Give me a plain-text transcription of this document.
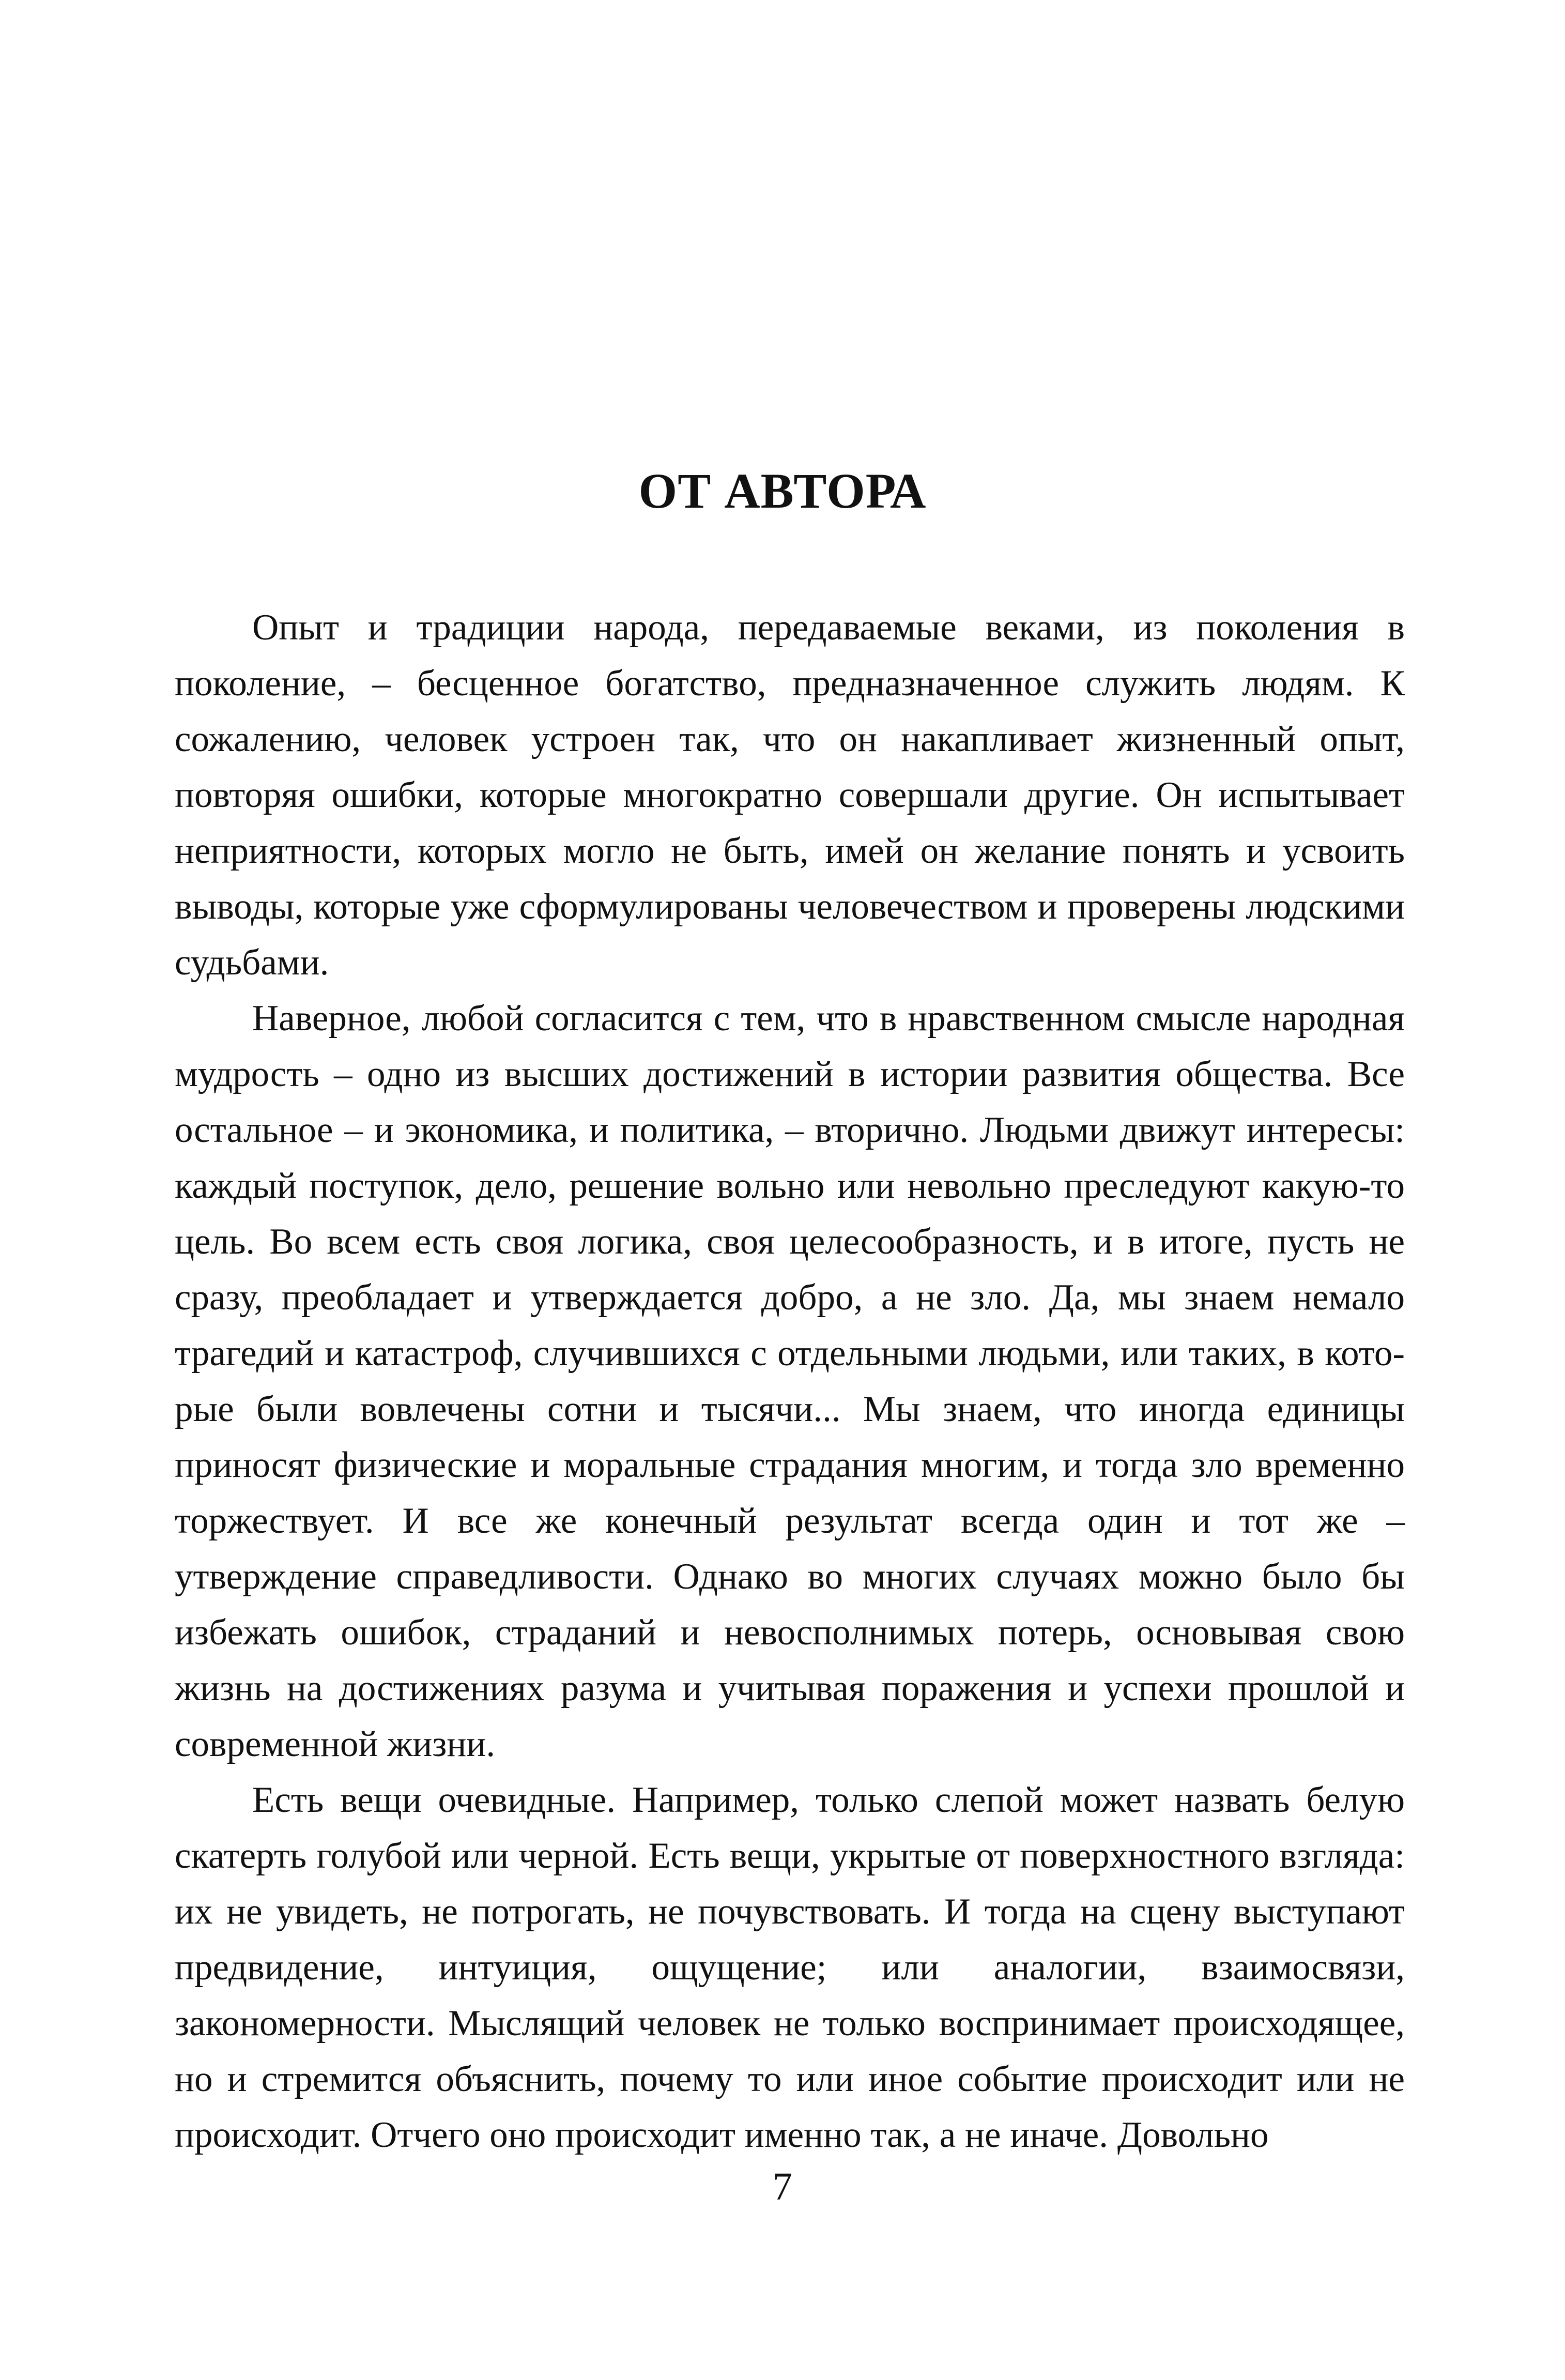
ОТ АВТОРА

Опыт и традиции народа, передаваемые веками, из поколения в поколение, – бесценное богатство, предназначенное служить людям. К сожалению, человек устроен так, что он накапливает жизненный опыт, повторяя ошибки, которые многократно совершали другие. Он испытывает неприятности, которых могло не быть, имей он желание понять и усвоить выводы, которые уже сформулированы человечеством и проверены людскими судьбами.

Наверное, любой согласится с тем, что в нравственном смысле народная мудрость – одно из высших достижений в истории развития общества. Все остальное – и экономика, и политика, – вторично. Людьми движут интересы: каждый поступок, дело, решение вольно или невольно преследуют какую-то цель. Во всем есть своя логика, своя целесообразность, и в итоге, пусть не сразу, преобладает и утверждается добро, а не зло. Да, мы знаем немало трагедий и катастроф, случившихся с отдельными людьми, или таких, в которые были вовлечены сотни и тысячи... Мы знаем, что иногда единицы приносят физические и моральные страдания многим, и тогда зло временно торжествует. И все же конечный результат всегда один и тот же – утверждение справедливости. Однако во многих случаях можно было бы избежать ошибок, страданий и невосполнимых потерь, основывая свою жизнь на достижениях разума и учитывая поражения и успехи прошлой и современной жизни.

Есть вещи очевидные. Например, только слепой может назвать белую скатерть голубой или черной. Есть вещи, укрытые от поверхностного взгляда: их не увидеть, не потрогать, не почувствовать. И тогда на сцену выступают предвидение, интуиция, ощущение; или аналогии, взаимосвязи, закономерности. Мыслящий человек не только воспринимает происходящее, но и стремится объяснить, почему то или иное событие происходит или не происходит. Отчего оно происходит именно так, а не иначе. Довольно

7
